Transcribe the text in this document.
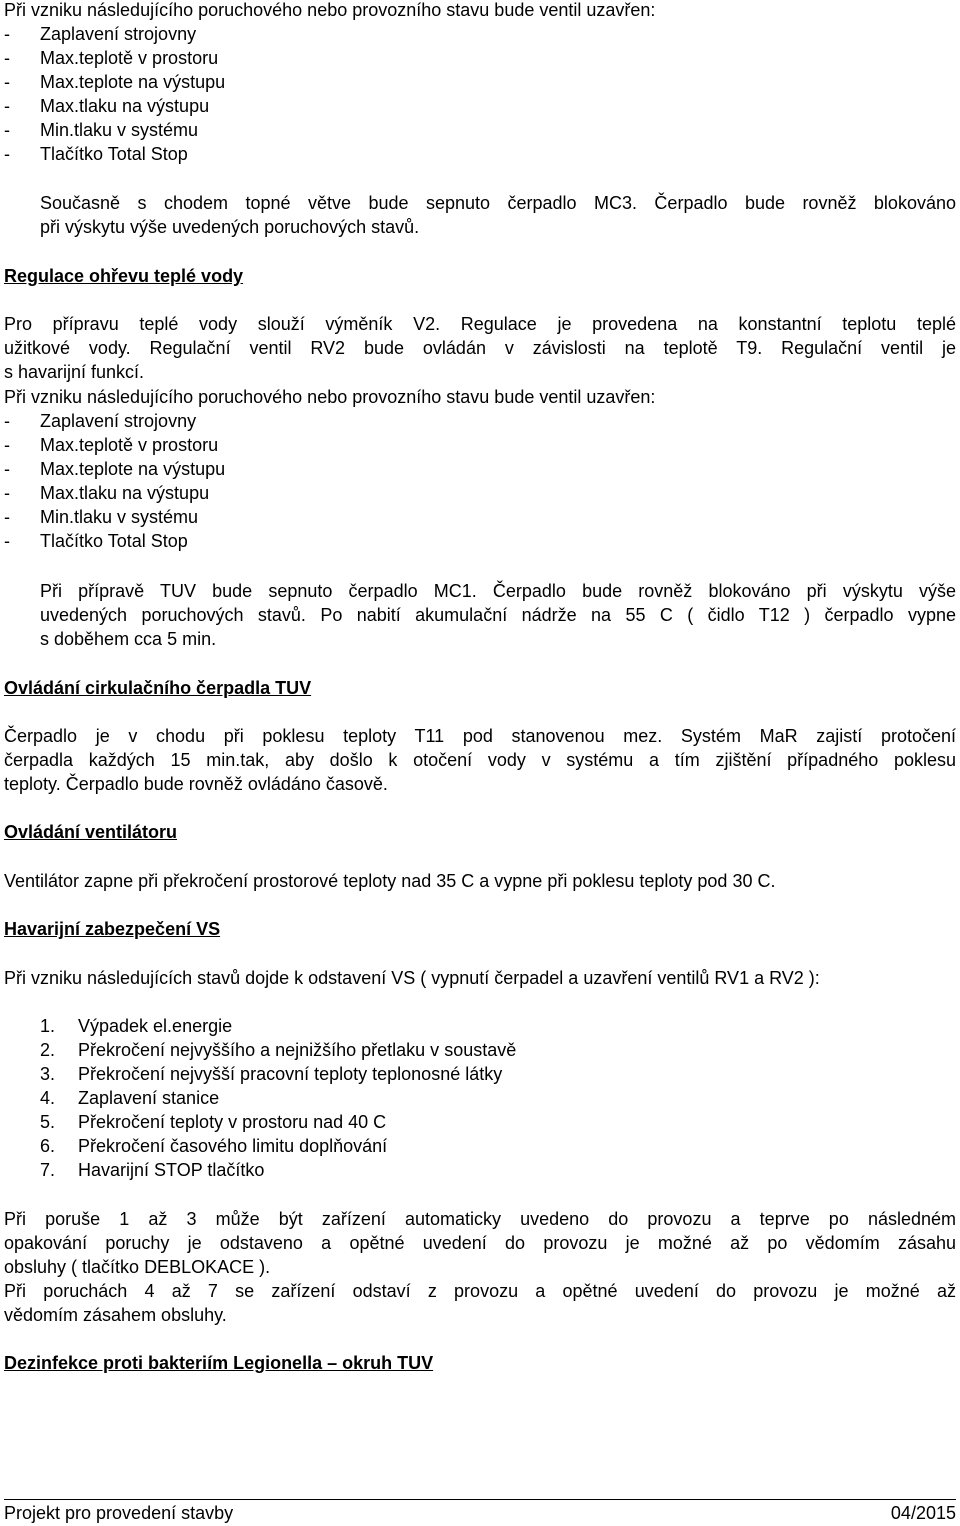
Při vzniku následujícího poruchového nebo provozního stavu bude ventil uzavřen:
- Zaplavení strojovny
- Max.teplotě v prostoru
- Max.teplote na výstupu
- Max.tlaku na výstupu
- Min.tlaku v systému
- Tlačítko Total Stop
Současně s chodem topné větve bude sepnuto čerpadlo MC3. Čerpadlo bude rovněž blokováno
při výskytu výše uvedených poruchových stavů.
Regulace ohřevu teplé vody
Pro přípravu teplé vody slouží výměník V2. Regulace je provedena na konstantní teplotu teplé
užitkové vody. Regulační ventil RV2 bude ovládán v závislosti na teplotě T9. Regulační ventil je
s havarijní funkcí.
Při vzniku následujícího poruchového nebo provozního stavu bude ventil uzavřen:
- Zaplavení strojovny
- Max.teplotě v prostoru
- Max.teplote na výstupu
- Max.tlaku na výstupu
- Min.tlaku v systému
- Tlačítko Total Stop
Při přípravě TUV bude sepnuto čerpadlo MC1. Čerpadlo bude rovněž blokováno při výskytu výše
uvedených poruchových stavů. Po nabití akumulační nádrže na 55 C ( čidlo T12 ) čerpadlo vypne
s doběhem cca 5 min.
Ovládání cirkulačního čerpadla TUV
Čerpadlo je v chodu při poklesu teploty T11 pod stanovenou mez. Systém MaR zajistí protočení
čerpadla každých 15 min.tak, aby došlo k otočení vody v systému a tím zjištění případného poklesu
teploty. Čerpadlo bude rovněž ovládáno časově.
Ovládání ventilátoru
Ventilátor zapne při překročení prostorové teploty nad 35 C a vypne při poklesu teploty pod 30 C.
Havarijní zabezpečení VS
Při vzniku následujících stavů dojde k odstavení VS ( vypnutí čerpadel a uzavření ventilů RV1 a RV2 ):
1. Výpadek el.energie
2. Překročení nejvyššího a nejnižšího přetlaku v soustavě
3. Překročení nejvyšší pracovní teploty teplonosné látky
4. Zaplavení stanice
5. Překročení teploty v prostoru nad 40 C
6. Překročení časového limitu doplňování
7. Havarijní STOP tlačítko
Při poruše 1 až 3 může být zařízení automaticky uvedeno do provozu a teprve po následném
opakování poruchy je odstaveno a opětné uvedení do provozu je možné až po vědomím zásahu
obsluhy ( tlačítko DEBLOKACE ).
Při poruchách 4 až 7 se zařízení odstaví z provozu a opětné uvedení do provozu je možné až
vědomím zásahem obsluhy.
Dezinfekce proti bakteriím Legionella – okruh TUV
Projekt pro provedení stavby	04/2015
